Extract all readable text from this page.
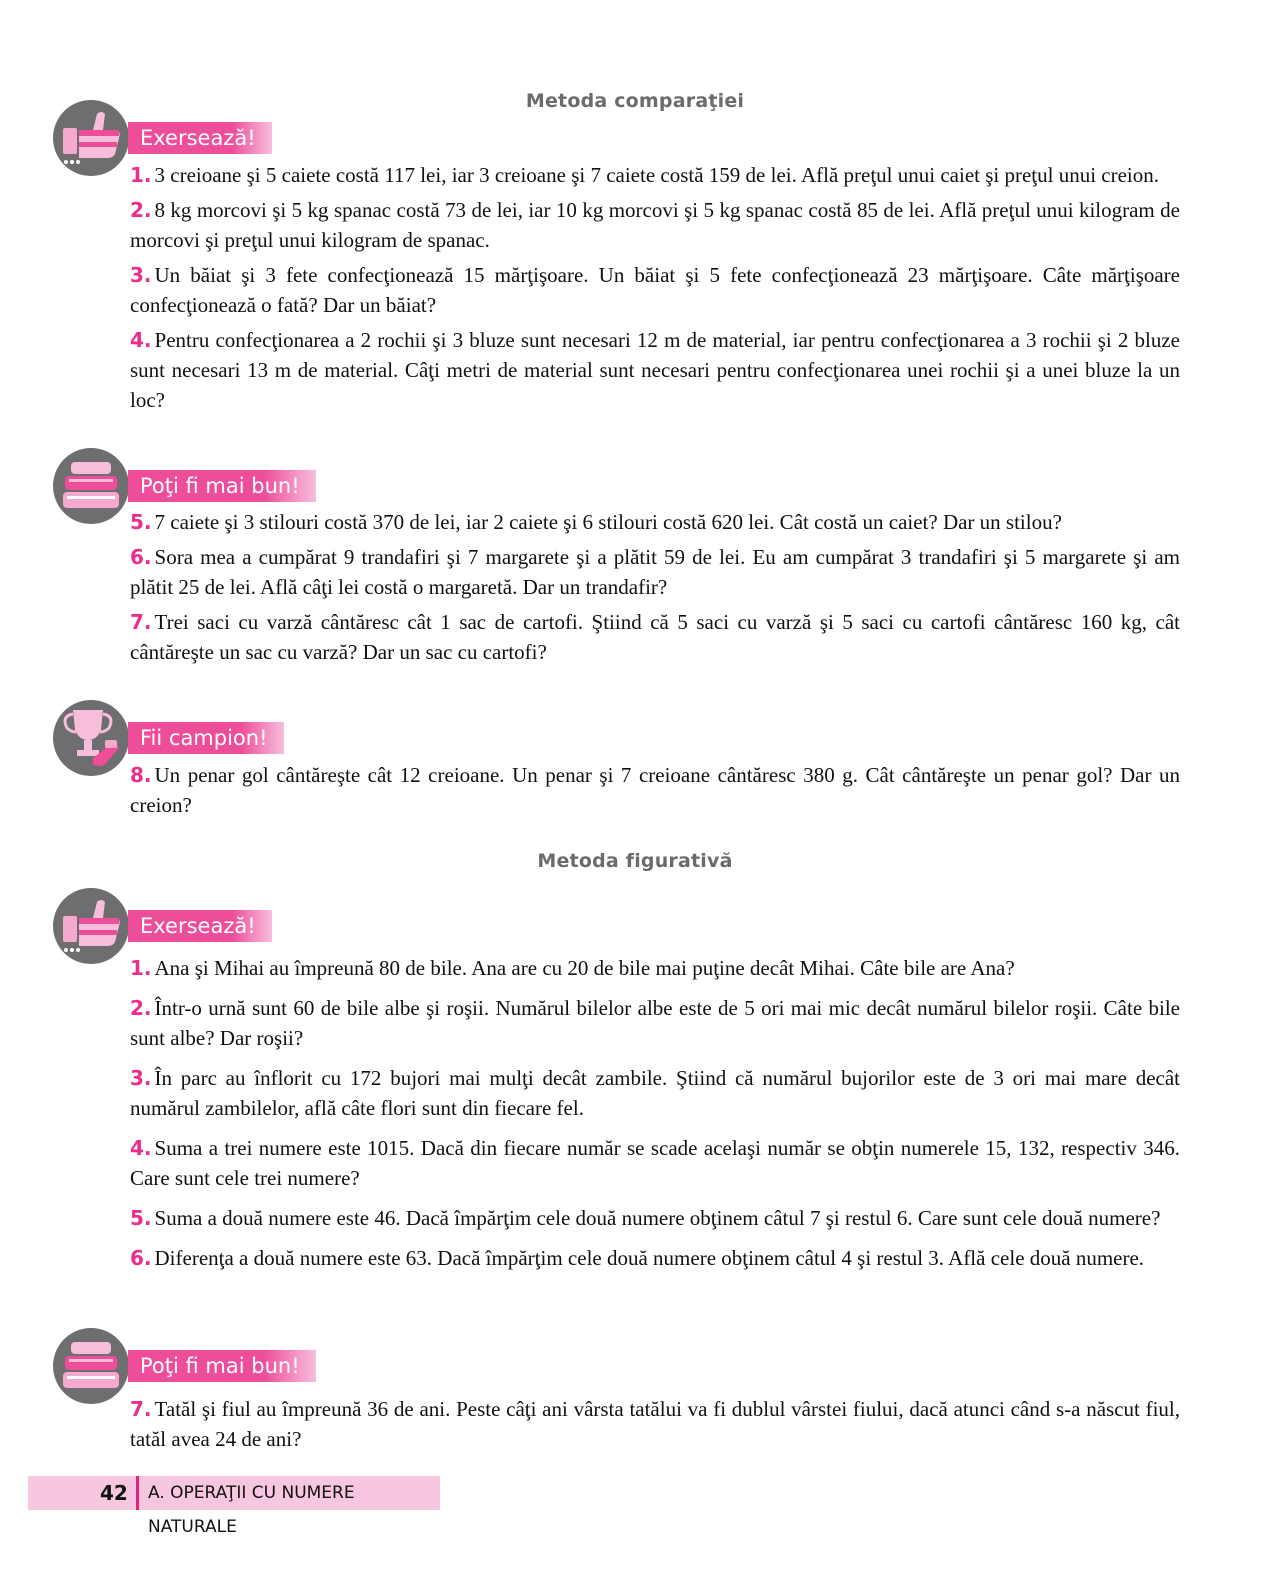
Metoda comparaţiei
Exersează!
1. 3 creioane şi 5 caiete costă 117 lei, iar 3 creioane şi 7 caiete costă 159 de lei. Află preţul unui caiet şi preţul unui creion.
2. 8 kg morcovi şi 5 kg spanac costă 73 de lei, iar 10 kg morcovi şi 5 kg spanac costă 85 de lei. Află preţul unui kilogram de morcovi şi preţul unui kilogram de spanac.
3. Un băiat şi 3 fete confecţionează 15 mărţişoare. Un băiat şi 5 fete confecţionează 23 mărţişoare. Câte mărţişoare confecţionează o fată? Dar un băiat?
4. Pentru confecţionarea a 2 rochii şi 3 bluze sunt necesari 12 m de material, iar pentru confecţionarea a 3 rochii şi 2 bluze sunt necesari 13 m de material. Câţi metri de material sunt necesari pentru confecţionarea unei rochii şi a unei bluze la un loc?
Poţi fi mai bun!
5. 7 caiete şi 3 stilouri costă 370 de lei, iar 2 caiete şi 6 stilouri costă 620 lei. Cât costă un caiet? Dar un stilou?
6. Sora mea a cumpărat 9 trandafiri şi 7 margarete şi a plătit 59 de lei. Eu am cumpărat 3 trandafiri şi 5 margarete şi am plătit 25 de lei. Află câţi lei costă o margaretă. Dar un trandafir?
7. Trei saci cu varză cântăresc cât 1 sac de cartofi. Ştiind că 5 saci cu varză şi 5 saci cu cartofi cântăresc 160 kg, cât cântăreşte un sac cu varză? Dar un sac cu cartofi?
Fii campion!
8. Un penar gol cântăreşte cât 12 creioane. Un penar şi 7 creioane cântăresc 380 g. Cât cântăreşte un penar gol? Dar un creion?
Metoda figurativă
Exersează!
1. Ana şi Mihai au împreună 80 de bile. Ana are cu 20 de bile mai puţine decât Mihai. Câte bile are Ana?
2. Într-o urnă sunt 60 de bile albe şi roşii. Numărul bilelor albe este de 5 ori mai mic decât numărul bilelor roşii. Câte bile sunt albe? Dar roşii?
3. În parc au înflorit cu 172 bujori mai mulţi decât zambile. Ştiind că numărul bujorilor este de 3 ori mai mare decât numărul zambilelor, află câte flori sunt din fiecare fel.
4. Suma a trei numere este 1015. Dacă din fiecare număr se scade acelaşi număr se obţin numerele 15, 132, respectiv 346. Care sunt cele trei numere?
5. Suma a două numere este 46. Dacă împărţim cele două numere obţinem câtul 7 şi restul 6. Care sunt cele două numere?
6. Diferenţa a două numere este 63. Dacă împărţim cele două numere obţinem câtul 4 şi restul 3. Află cele două numere.
Poţi fi mai bun!
7. Tatăl şi fiul au împreună 36 de ani. Peste câţi ani vârsta tatălui va fi dublul vârstei fiului, dacă atunci când s-a născut fiul, tatăl avea 24 de ani?
42 A. OPERAŢII CU NUMERE NATURALE
